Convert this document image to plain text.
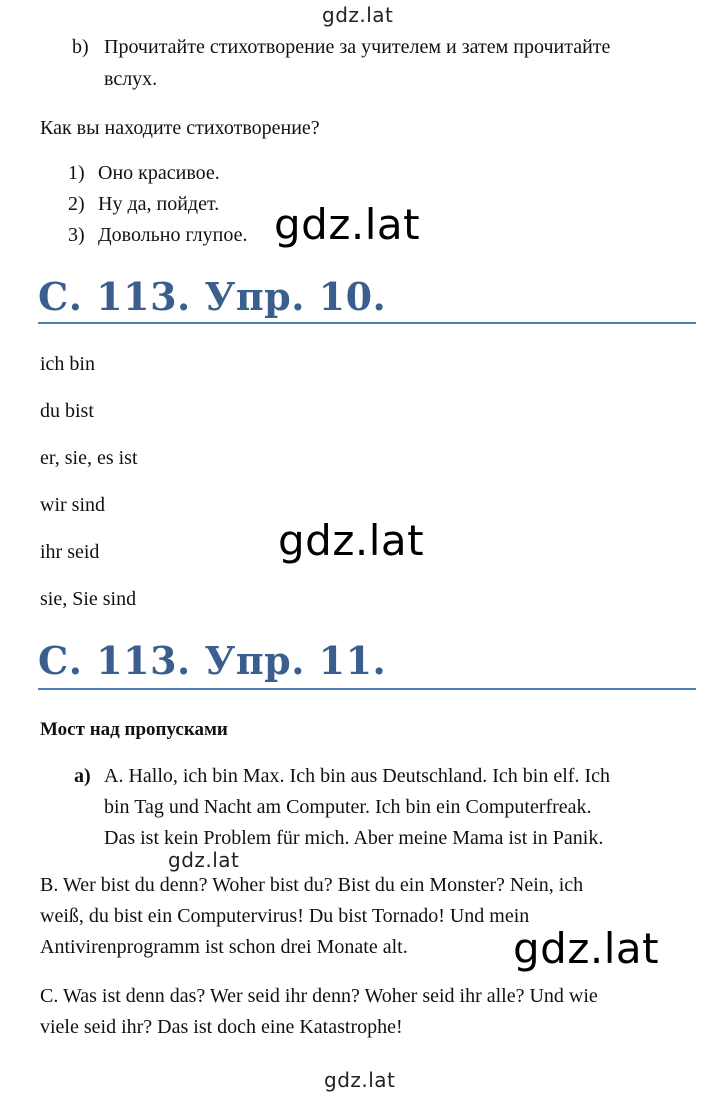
gdz.lat
b) Прочитайте стихотворение за учителем и затем прочитайте
вслух.
Как вы находите стихотворение?
1) Оно красивое.
2) Ну да, пойдет.
3) Довольно глупое. gdz.lat
С. 113. Упр. 10.
ich bin
du bist
er, sie, es ist
wir sind
ihr seid
sie, Sie sind
gdz.lat
С. 113. Упр. 11.
Мост над пропусками
a) A. Hallo, ich bin Max. Ich bin aus Deutschland. Ich bin elf. Ich
bin Tag und Nacht am Computer. Ich bin ein Computerfreak.
Das ist kein Problem für mich. Aber meine Mama ist in Panik.
gdz.lat
B. Wer bist du denn? Woher bist du? Bist du ein Monster? Nein, ich
weiß, du bist ein Computervirus! Du bist Tornado! Und mein
Antivirenprogramm ist schon drei Monate alt.	gdz.lat
C. Was ist denn das? Wer seid ihr denn? Woher seid ihr alle? Und wie
viele seid ihr? Das ist doch eine Katastrophe!
gdz.lat
